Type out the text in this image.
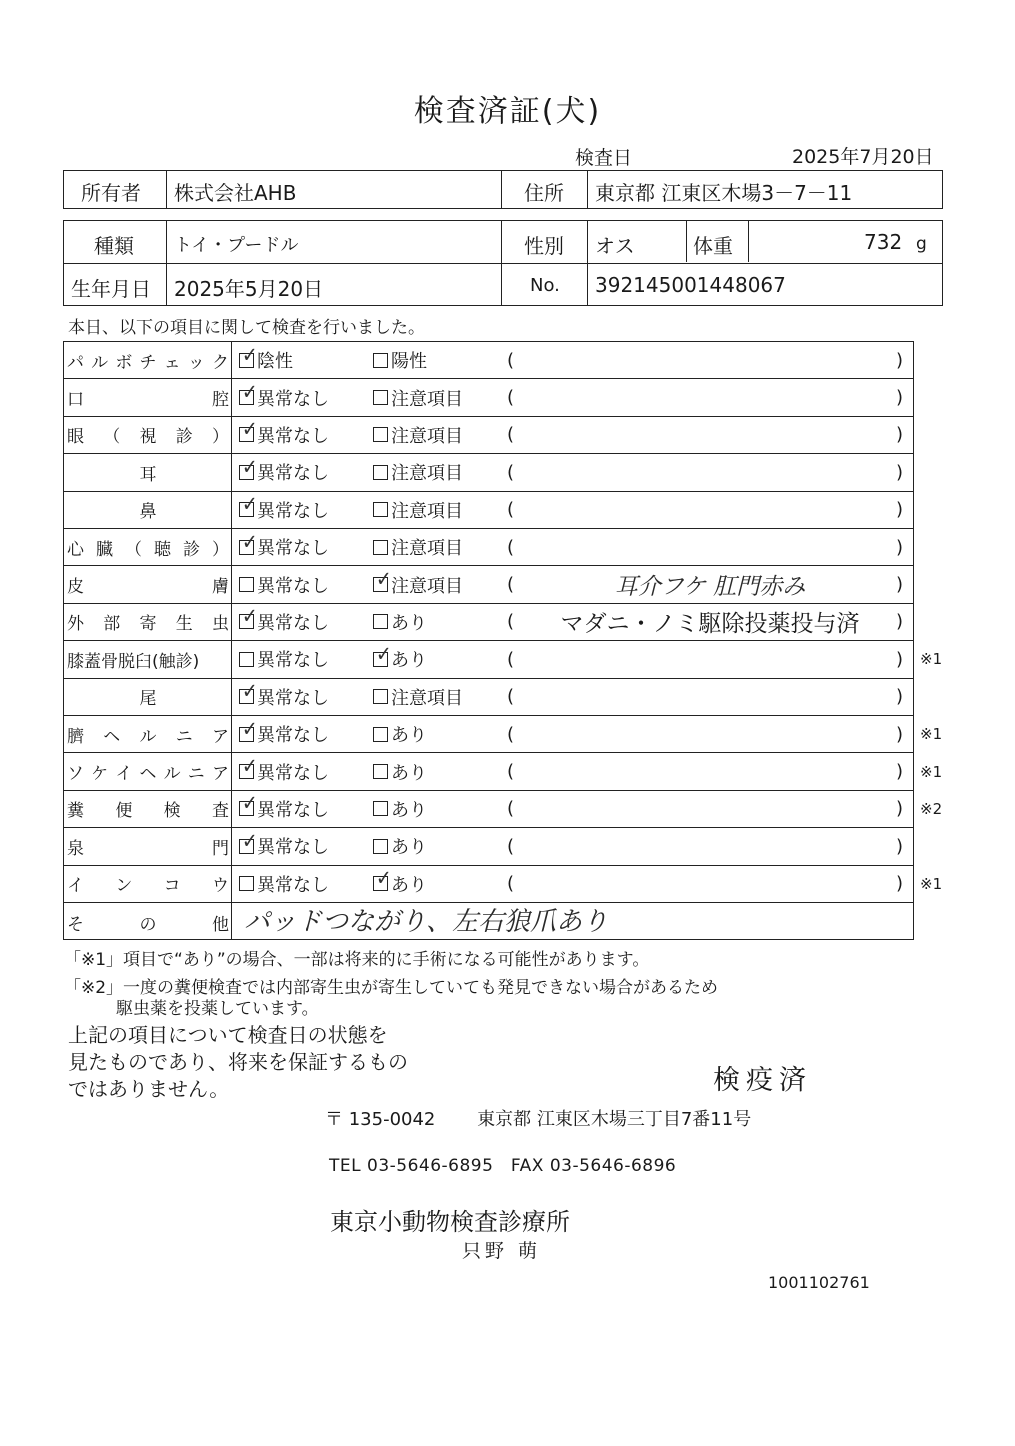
検査済証(犬)
検査日	2025年7月20日
所有者 株式会社AHB	住所 東京都 江東区木場3－7－11
種類 トイ・プードル	性別 オス	体重	732 g
生年月日 2025年5月20日	No. 392145001448067
本日、以下の項目に関して検査を行いました。
パ ル ボ チ ェ ッ ク ✓ 陰性	陽性	(	)
口	腔 ✓ 異常なし	注意項目 (	)
眼 （ 視 診 ） ✓ 異常なし	注意項目 (	)
耳	✓ 異常なし	注意項目 (	)
鼻	✓ 異常なし	注意項目 (	)
心 臓 （ 聴 診 ） ✓ 異常なし	注意項目 (	)
皮	膚 異常なし ✓ 注意項目 (	耳介フケ 肛門赤み	)
外 部 寄 生 虫 ✓ 異常なし	あり	(	マダニ・ノミ駆除投薬投与済	)
膝蓋骨脱臼(触診)	異常なし ✓ あり	(	) ※1
尾	✓ 異常なし	注意項目 (	)
臍 ヘ ル ニ ア ✓ 異常なし	あり	(	) ※1
ソ ケ イ ヘ ル ニ ア ✓ 異常なし	あり	(	) ※1
糞 便 検 査 ✓ 異常なし	あり	(	) ※2
泉	門 ✓ 異常なし	あり	(	)
イ ン コ ウ 異常なし ✓ あり	(	) ※1
そ	の	他 パッドつながり、左右狼爪あり
「※1」項目で“あり”の場合、一部は将来的に手術になる可能性があります。
「※2」一度の糞便検査では内部寄生虫が寄生していても発見できない場合があるため
駆虫薬を投薬しています。
上記の項目について検査日の状態を
見たものであり、将来を保証するもの
ではありません。	検疫済
〒 135-0042 東京都 江東区木場三丁目7番11号
TEL 03-5646-6895　FAX 03-5646-6896
東京小動物検査診療所
只野 萌
1001102761
